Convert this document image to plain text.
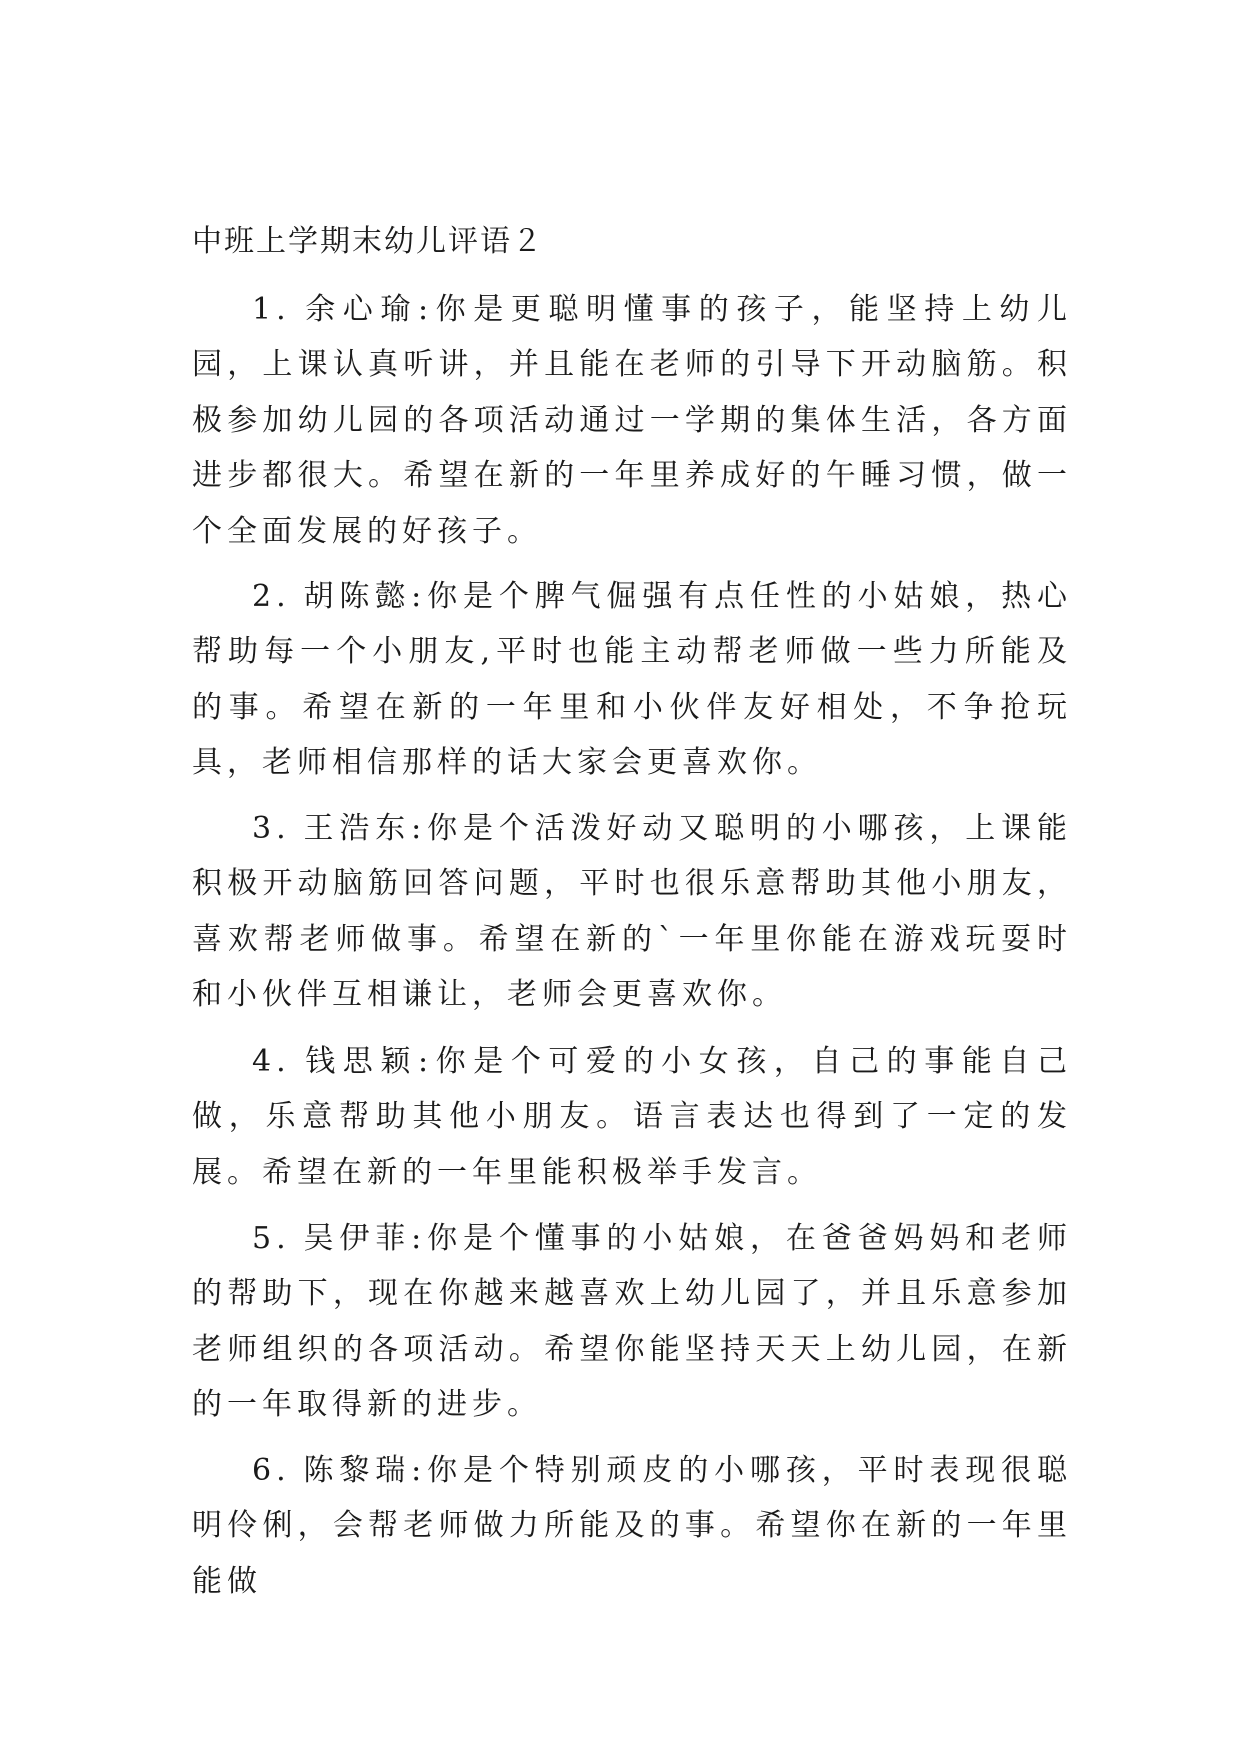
中班上学期末幼儿评语２

1. 余心瑜:你是更聪明懂事的孩子，能坚持上幼儿园，上课认真听讲，并且能在老师的引导下开动脑筋。积极参加幼儿园的各项活动通过一学期的集体生活，各方面进步都很大。希望在新的一年里养成好的午睡习惯，做一个全面发展的好孩子。

2. 胡陈懿:你是个脾气倔强有点任性的小姑娘，热心帮助每一个小朋友,平时也能主动帮老师做一些力所能及的事。希望在新的一年里和小伙伴友好相处，不争抢玩具，老师相信那样的话大家会更喜欢你。

3. 王浩东:你是个活泼好动又聪明的小哪孩，上课能积极开动脑筋回答问题，平时也很乐意帮助其他小朋友，喜欢帮老师做事。希望在新的`一年里你能在游戏玩耍时和小伙伴互相谦让，老师会更喜欢你。

4. 钱思颖:你是个可爱的小女孩，自己的事能自己做，乐意帮助其他小朋友。语言表达也得到了一定的发展。希望在新的一年里能积极举手发言。

5. 吴伊菲:你是个懂事的小姑娘，在爸爸妈妈和老师的帮助下，现在你越来越喜欢上幼儿园了，并且乐意参加老师组织的各项活动。希望你能坚持天天上幼儿园，在新的一年取得新的进步。

6. 陈黎瑞:你是个特别顽皮的小哪孩，平时表现很聪明伶俐，会帮老师做力所能及的事。希望你在新的一年里能做
